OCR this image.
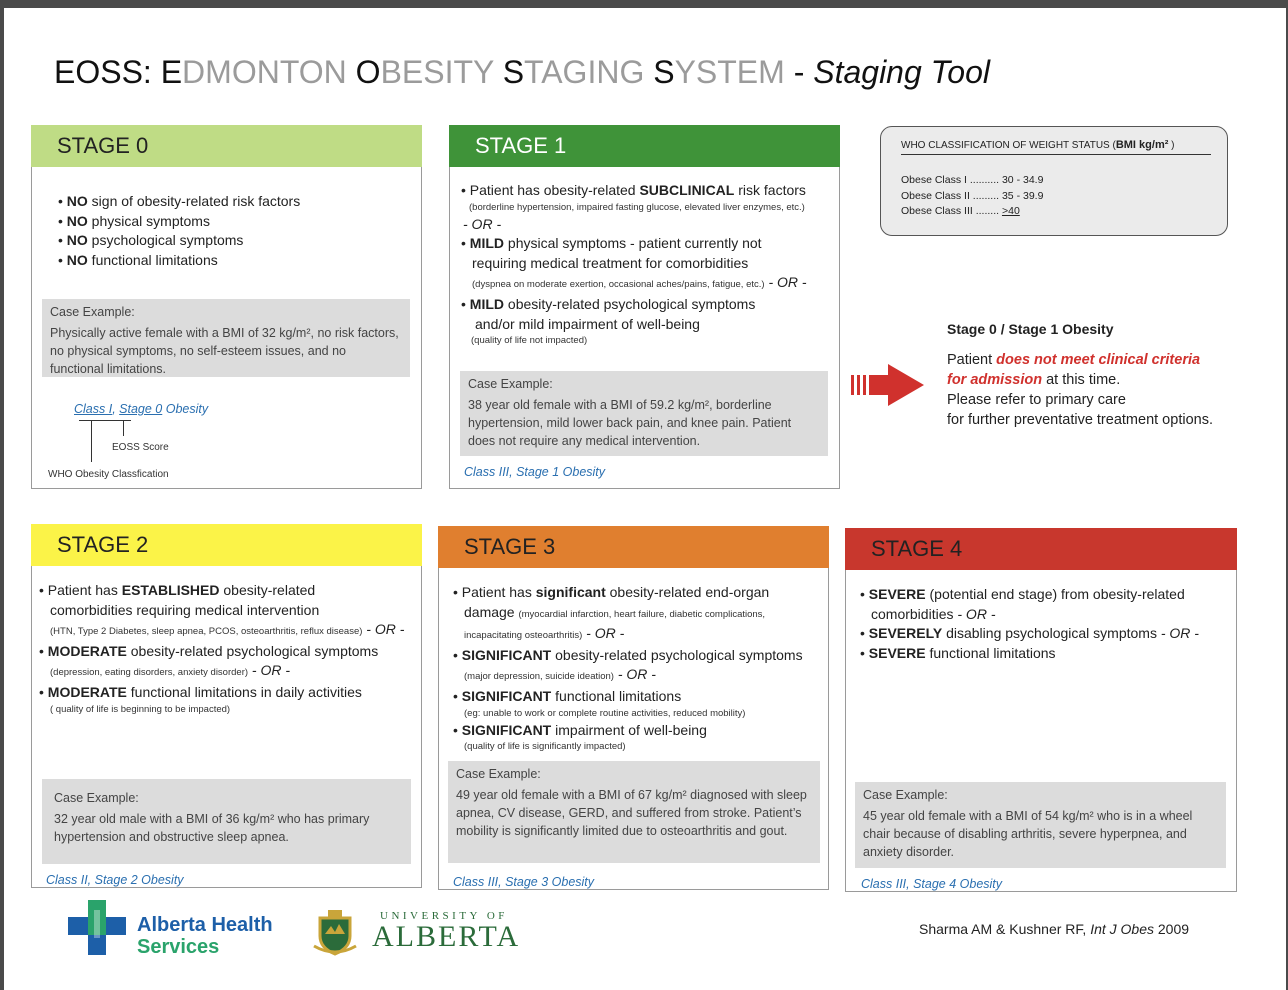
EOSS: EDMONTON OBESITY STAGING SYSTEM - Staging Tool
STAGE 0
• NO sign of obesity-related risk factors
• NO physical symptoms
• NO psychological symptoms
• NO functional limitations
Case Example:
Physically active female with a BMI of 32 kg/m², no risk factors, no physical symptoms, no self-esteem issues, and no functional limitations.
Class I, Stage 0 Obesity
EOSS Score
WHO Obesity Classfication
STAGE 1
• Patient has obesity-related SUBCLINICAL risk factors
(borderline hypertension, impaired fasting glucose, elevated liver enzymes, etc.)
- OR -
• MILD physical symptoms - patient currently not
requiring medical treatment for comorbidities
(dyspnea on moderate exertion, occasional aches/pains, fatigue, etc.) - OR -
• MILD obesity-related psychological symptoms
and/or mild impairment of well-being
(quality of life not impacted)
Case Example:
38 year old female with a BMI of 59.2 kg/m², borderline hypertension, mild lower back pain, and knee pain. Patient does not require any medical intervention.
Class III, Stage 1 Obesity
WHO CLASSIFICATION OF WEIGHT STATUS (BMI kg/m² )
Obese Class I .......... 30 - 34.9
Obese Class II ......... 35 - 39.9
Obese Class III ........ >40
Stage 0 / Stage 1 Obesity
Patient does not meet clinical criteria
for admission at this time.
Please refer to primary care
for further preventative treatment options.
STAGE 2
• Patient has ESTABLISHED obesity-related
comorbidities requiring medical intervention
(HTN, Type 2 Diabetes, sleep apnea, PCOS, osteoarthritis, reflux disease) - OR -
• MODERATE obesity-related psychological symptoms
(depression, eating disorders, anxiety disorder) - OR -
• MODERATE functional limitations in daily activities
( quality of life is beginning to be impacted)
Case Example:
32 year old male with a BMI of 36 kg/m² who has primary hypertension and obstructive sleep apnea.
Class II, Stage 2 Obesity
STAGE 3
• Patient has significant obesity-related end-organ
damage (myocardial infarction, heart failure, diabetic complications,
incapacitating osteoarthritis) - OR -
• SIGNIFICANT obesity-related psychological symptoms
(major depression, suicide ideation) - OR -
• SIGNIFICANT functional limitations
(eg: unable to work or complete routine activities, reduced mobility)
• SIGNIFICANT impairment of well-being
(quality of life is significantly impacted)
Case Example:
49 year old female with a BMI of 67 kg/m² diagnosed with sleep apnea, CV disease, GERD, and suffered from stroke. Patient’s mobility is significantly limited due to osteoarthritis and gout.
Class III, Stage 3 Obesity
STAGE 4
• SEVERE (potential end stage) from obesity-related
comorbidities - OR -
• SEVERELY disabling psychological symptoms - OR -
• SEVERE functional limitations
Case Example:
45 year old female with a BMI of 54 kg/m² who is in a wheel chair because of disabling arthritis, severe hyperpnea, and anxiety disorder.
Class III, Stage 4 Obesity
Alberta Health
Services
UNIVERSITY OF
ALBERTA	Sharma AM & Kushner RF, Int J Obes 2009
